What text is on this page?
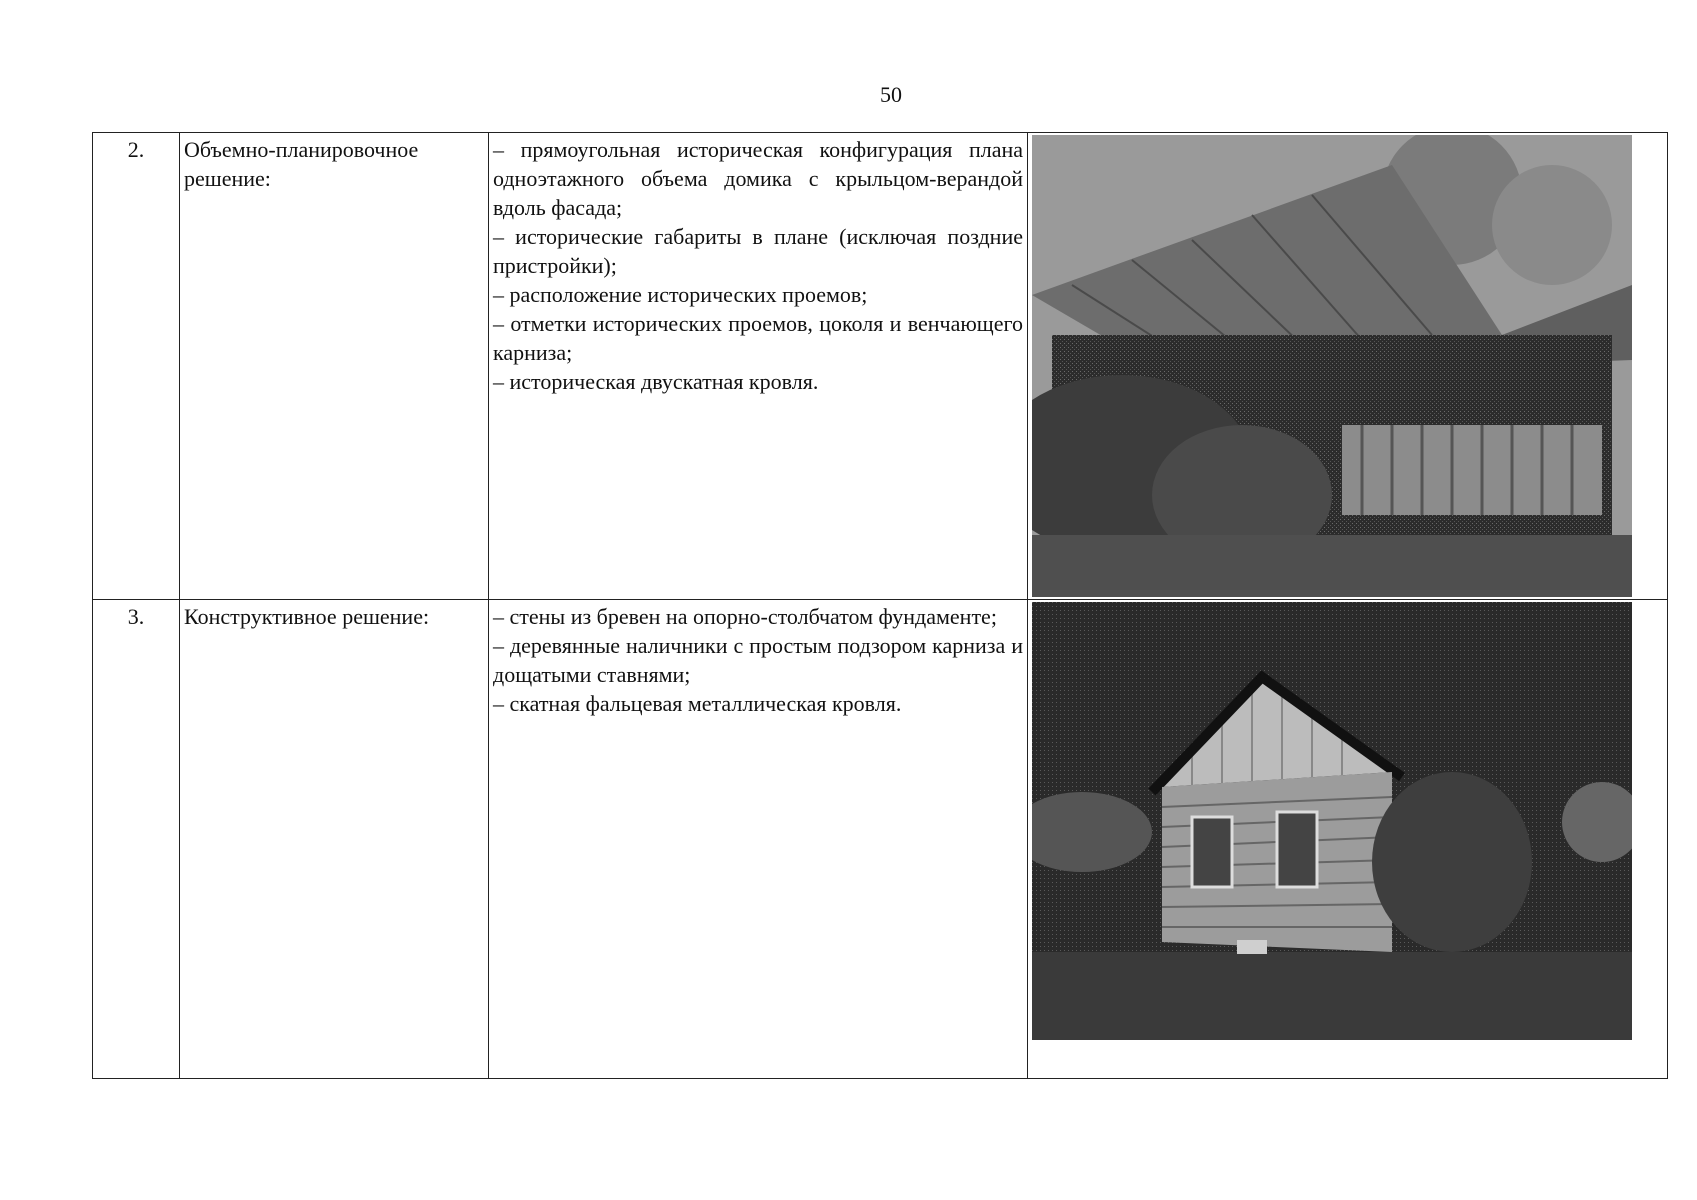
50
2.	Объемно-планировочное решение:	– прямоугольная историческая конфигурация плана одноэтажного объема домика с крыльцом-верандой вдоль фасада;
– исторические габариты в плане (исключая поздние пристройки);
– расположение исторических проемов;
– отметки исторических проемов, цоколя и венчающего карниза;
– историческая двускатная кровля.

3.	Конструктивное решение:	– стены из бревен на опорно-столбчатом фундаменте;
– деревянные наличники с простым подзором карниза и дощатыми ставнями;
– скатная фальцевая металлическая кровля.
